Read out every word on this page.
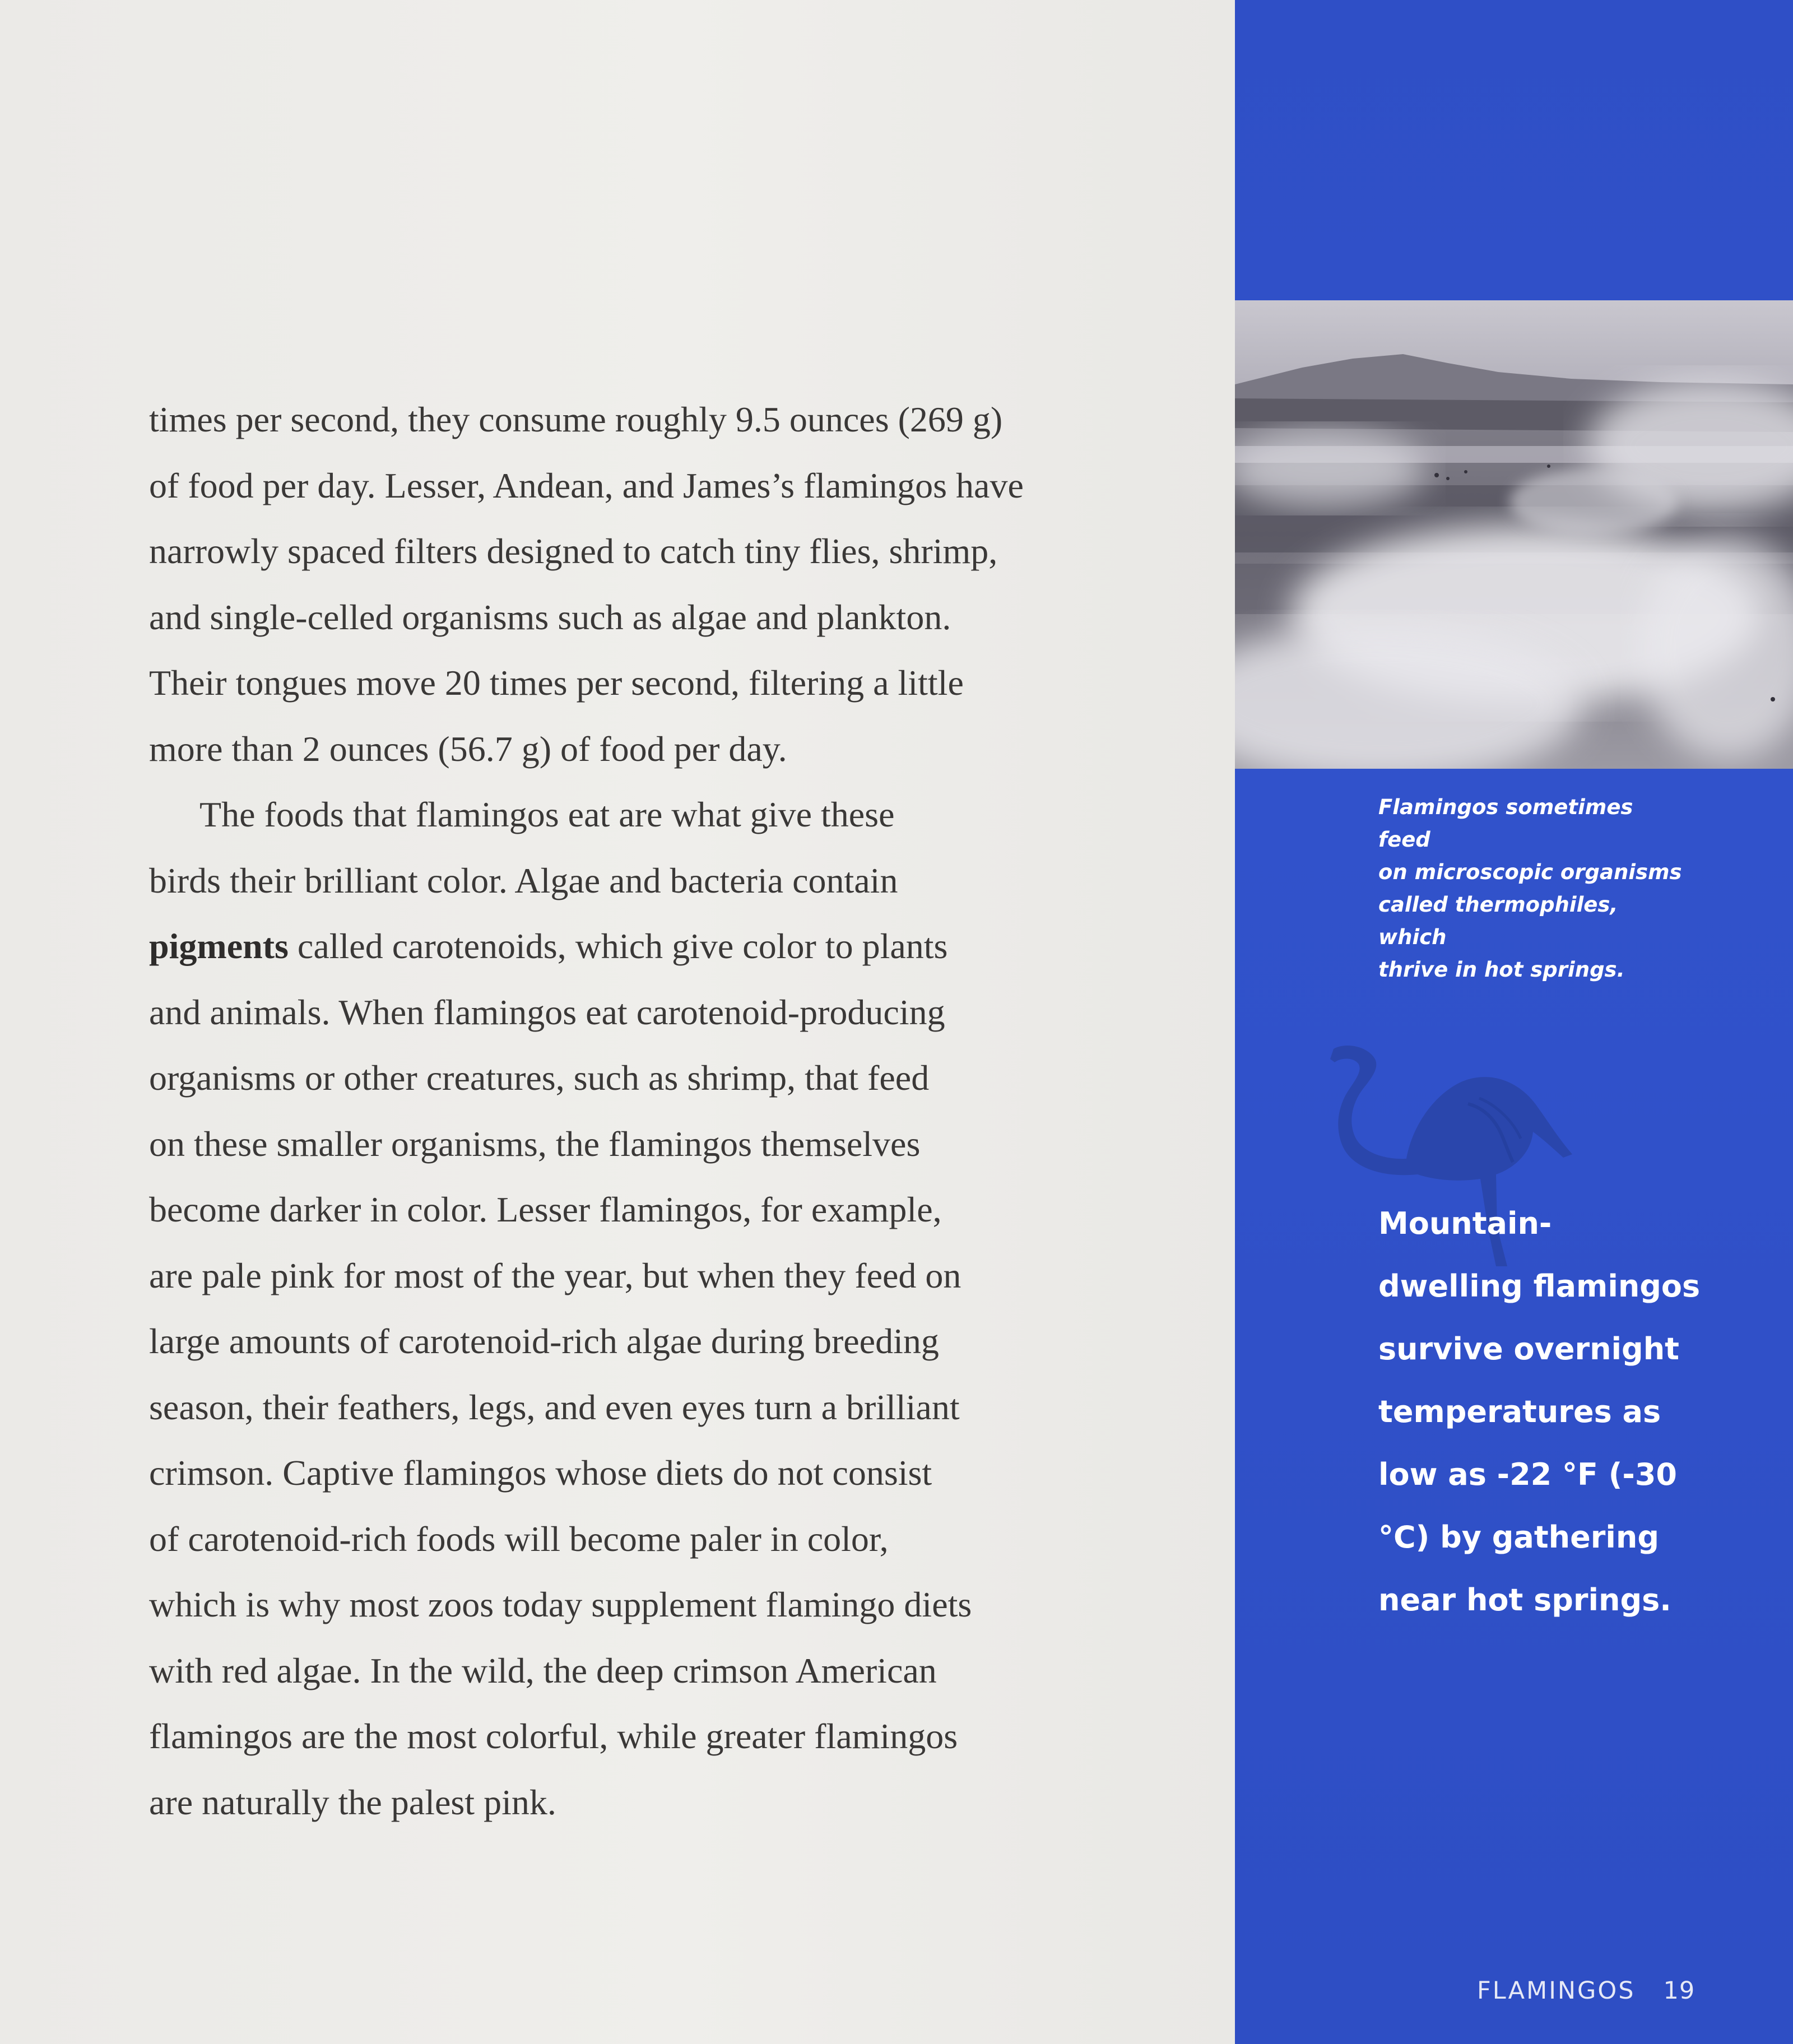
times per second, they consume roughly 9.5 ounces (269 g)
of food per day. Lesser, Andean, and James’s flamingos have
narrowly spaced filters designed to catch tiny flies, shrimp,
and single-celled organisms such as algae and plankton.
Their tongues move 20 times per second, filtering a little
more than 2 ounces (56.7 g) of food per day.

The foods that flamingos eat are what give these
birds their brilliant color. Algae and bacteria contain
pigments called carotenoids, which give color to plants
and animals. When flamingos eat carotenoid-producing
organisms or other creatures, such as shrimp, that feed
on these smaller organisms, the flamingos themselves
become darker in color. Lesser flamingos, for example,
are pale pink for most of the year, but when they feed on
large amounts of carotenoid-rich algae during breeding
season, their feathers, legs, and even eyes turn a brilliant
crimson. Captive flamingos whose diets do not consist
of carotenoid-rich foods will become paler in color,
which is why most zoos today supplement flamingo diets
with red algae. In the wild, the deep crimson American
flamingos are the most colorful, while greater flamingos
are naturally the palest pink.

Flamingos sometimes feed
on microscopic organisms
called thermophiles, which
thrive in hot springs.
Mountain-
dwelling flamingos
survive overnight
temperatures as
low as -22 °F (-30
°C) by gathering
near hot springs.
FLAMINGOS 19
